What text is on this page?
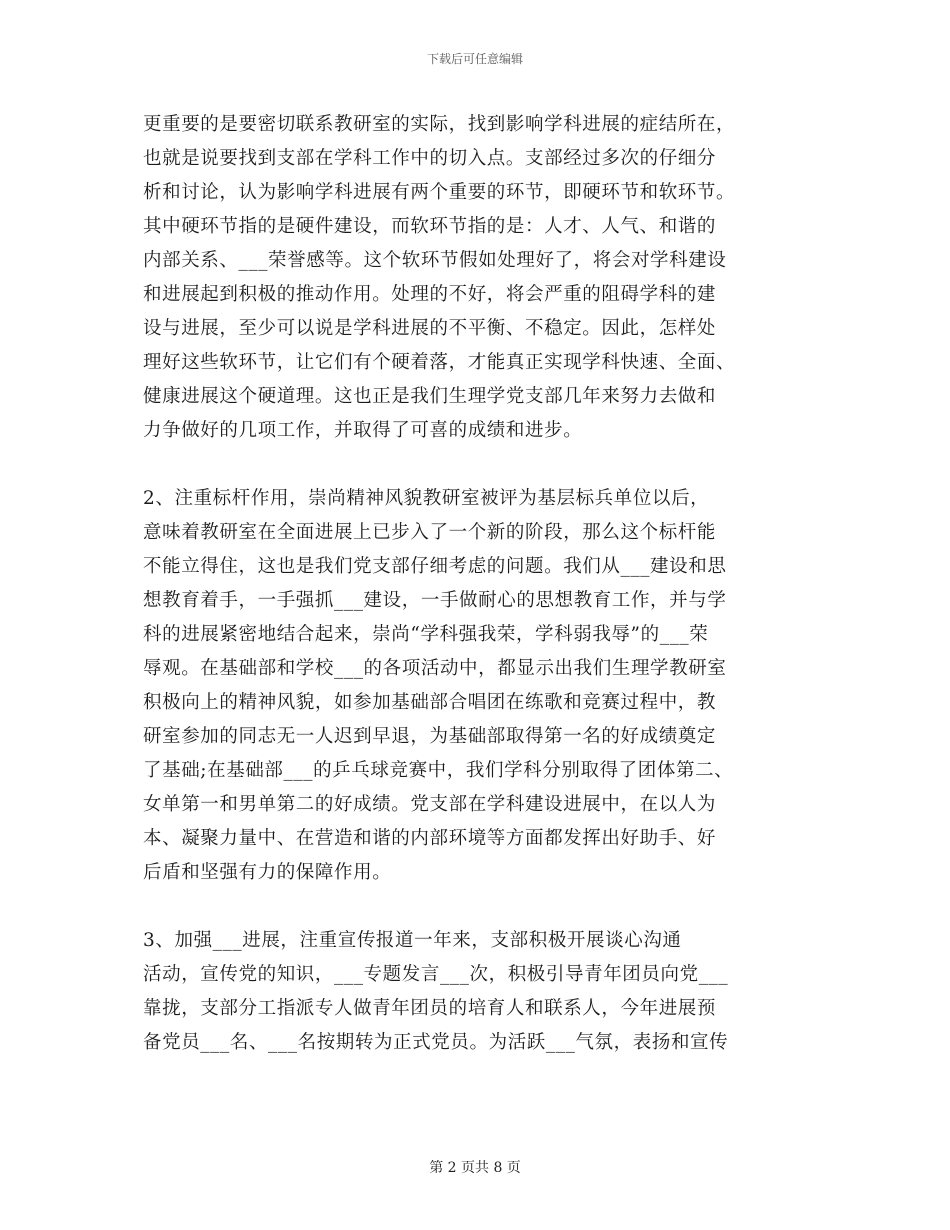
下载后可任意编辑
更重要的是要密切联系教研室的实际，找到影响学科进展的症结所在，
也就是说要找到支部在学科工作中的切入点。支部经过多次的仔细分
析和讨论，认为影响学科进展有两个重要的环节，即硬环节和软环节。
其中硬环节指的是硬件建设，而软环节指的是：人才、人气、和谐的
内部关系、___荣誉感等。这个软环节假如处理好了，将会对学科建设
和进展起到积极的推动作用。处理的不好，将会严重的阻碍学科的建
设与进展，至少可以说是学科进展的不平衡、不稳定。因此，怎样处
理好这些软环节，让它们有个硬着落，才能真正实现学科快速、全面、
健康进展这个硬道理。这也正是我们生理学党支部几年来努力去做和
力争做好的几项工作，并取得了可喜的成绩和进步。
2、注重标杆作用，崇尚精神风貌教研室被评为基层标兵单位以后，
意味着教研室在全面进展上已步入了一个新的阶段，那么这个标杆能
不能立得住，这也是我们党支部仔细考虑的问题。我们从___建设和思
想教育着手，一手强抓___建设，一手做耐心的思想教育工作，并与学
科的进展紧密地结合起来，崇尚“学科强我荣，学科弱我辱”的___荣
辱观。在基础部和学校___的各项活动中，都显示出我们生理学教研室
积极向上的精神风貌，如参加基础部合唱团在练歌和竞赛过程中，教
研室参加的同志无一人迟到早退，为基础部取得第一名的好成绩奠定
了基础;在基础部___的乒乓球竞赛中，我们学科分别取得了团体第二、
女单第一和男单第二的好成绩。党支部在学科建设进展中，在以人为
本、凝聚力量中、在营造和谐的内部环境等方面都发挥出好助手、好
后盾和坚强有力的保障作用。
3、加强___进展，注重宣传报道一年来，支部积极开展谈心沟通
活动，宣传党的知识，___专题发言___次，积极引导青年团员向党___
靠拢，支部分工指派专人做青年团员的培育人和联系人，今年进展预
备党员___名、___名按期转为正式党员。为活跃___气氛，表扬和宣传
第 2 页共 8 页
